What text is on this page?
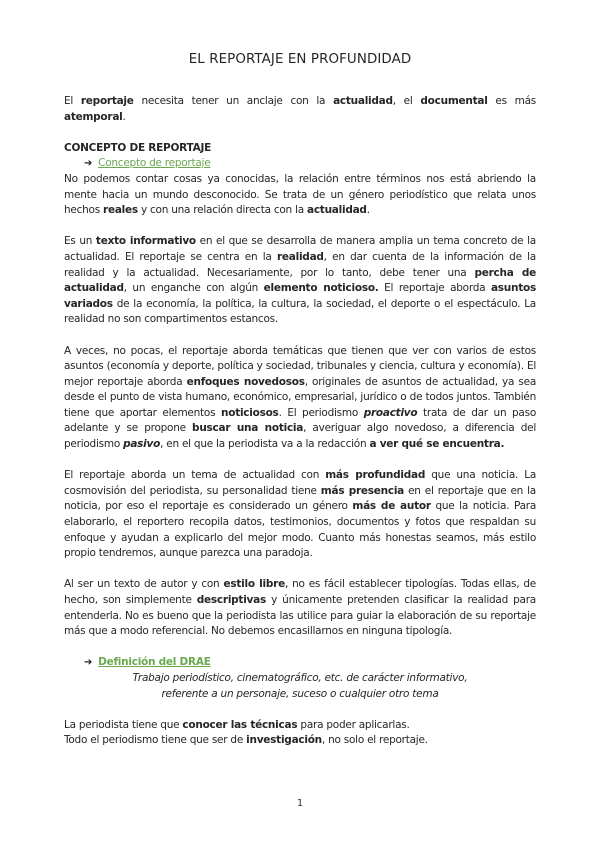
EL REPORTAJE EN PROFUNDIDAD

El reportaje necesita tener un anclaje con la actualidad, el documental es más atemporal.

CONCEPTO DE REPORTAJE
➔ Concepto de reportaje

No podemos contar cosas ya conocidas, la relación entre términos nos está abriendo la mente hacia un mundo desconocido. Se trata de un género periodístico que relata unos hechos reales y con una relación directa con la actualidad.

Es un texto informativo en el que se desarrolla de manera amplia un tema concreto de la actualidad. El reportaje se centra en la realidad, en dar cuenta de la información de la realidad y la actualidad. Necesariamente, por lo tanto, debe tener una percha de actualidad, un enganche con algún elemento noticioso. El reportaje aborda asuntos variados de la economía, la política, la cultura, la sociedad, el deporte o el espectáculo. La realidad no son compartimentos estancos.

A veces, no pocas, el reportaje aborda temáticas que tienen que ver con varios de estos asuntos (economía y deporte, política y sociedad, tribunales y ciencia, cultura y economía). El mejor reportaje aborda enfoques novedosos, originales de asuntos de actualidad, ya sea desde el punto de vista humano, económico, empresarial, jurídico o de todos juntos. También tiene que aportar elementos noticiosos. El periodismo proactivo trata de dar un paso adelante y se propone buscar una noticia, averiguar algo novedoso, a diferencia del periodismo pasivo, en el que la periodista va a la redacción a ver qué se encuentra.

El reportaje aborda un tema de actualidad con más profundidad que una noticia. La cosmovisión del periodista, su personalidad tiene más presencia en el reportaje que en la noticia, por eso el reportaje es considerado un género más de autor que la noticia. Para elaborarlo, el reportero recopila datos, testimonios, documentos y fotos que respaldan su enfoque y ayudan a explicarlo del mejor modo. Cuanto más honestas seamos, más estilo propio tendremos, aunque parezca una paradoja.

Al ser un texto de autor y con estilo libre, no es fácil establecer tipologías. Todas ellas, de hecho, son simplemente descriptivas y únicamente pretenden clasificar la realidad para entenderla. No es bueno que la periodista las utilice para guiar la elaboración de su reportaje más que a modo referencial. No debemos encasillarnos en ninguna tipología.

➔ Definición del DRAE
Trabajo periodístico, cinematográfico, etc. de carácter informativo, referente a un personaje, suceso o cualquier otro tema
La periodista tiene que conocer las técnicas para poder aplicarlas.
Todo el periodismo tiene que ser de investigación, no solo el reportaje.
1
